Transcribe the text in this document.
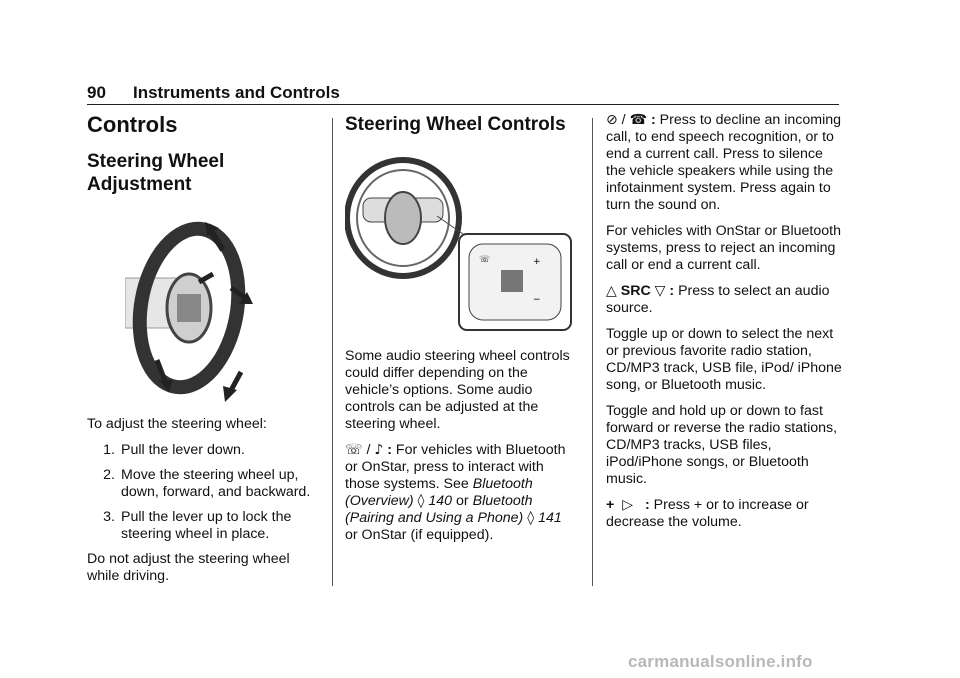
90 Instruments and Controls
Controls
Steering Wheel Adjustment

To adjust the steering wheel:

1. Pull the lever down.
2. Move the steering wheel up, down, forward, and backward.
3. Pull the lever up to lock the steering wheel in place.

Do not adjust the steering wheel while driving.

Steering Wheel Controls
☏	+
−

Some audio steering wheel controls could differ depending on the vehicle’s options. Some audio controls can be adjusted at the steering wheel.

☏ / ♪ : For vehicles with Bluetooth or OnStar, press to interact with those systems. See Bluetooth (Overview) ◊ 140 or Bluetooth (Pairing and Using a Phone) ◊ 141 or OnStar (if equipped).

⊘ / ☎ : Press to decline an incoming call, to end speech recognition, or to end a current call. Press to silence the vehicle speakers while using the infotainment system. Press again to turn the sound on.

For vehicles with OnStar or Bluetooth systems, press to reject an incoming call or end a current call.

△ SRC ▽ : Press to select an audio source.

Toggle up or down to select the next or previous favorite radio station, CD/MP3 track, USB file, iPod/ iPhone song, or Bluetooth music.

Toggle and hold up or down to fast forward or reverse the radio stations, CD/MP3 tracks, USB files, iPod/iPhone songs, or Bluetooth music.

+ ▷ : Press + or to increase or decrease the volume.

carmanualsonline.info
